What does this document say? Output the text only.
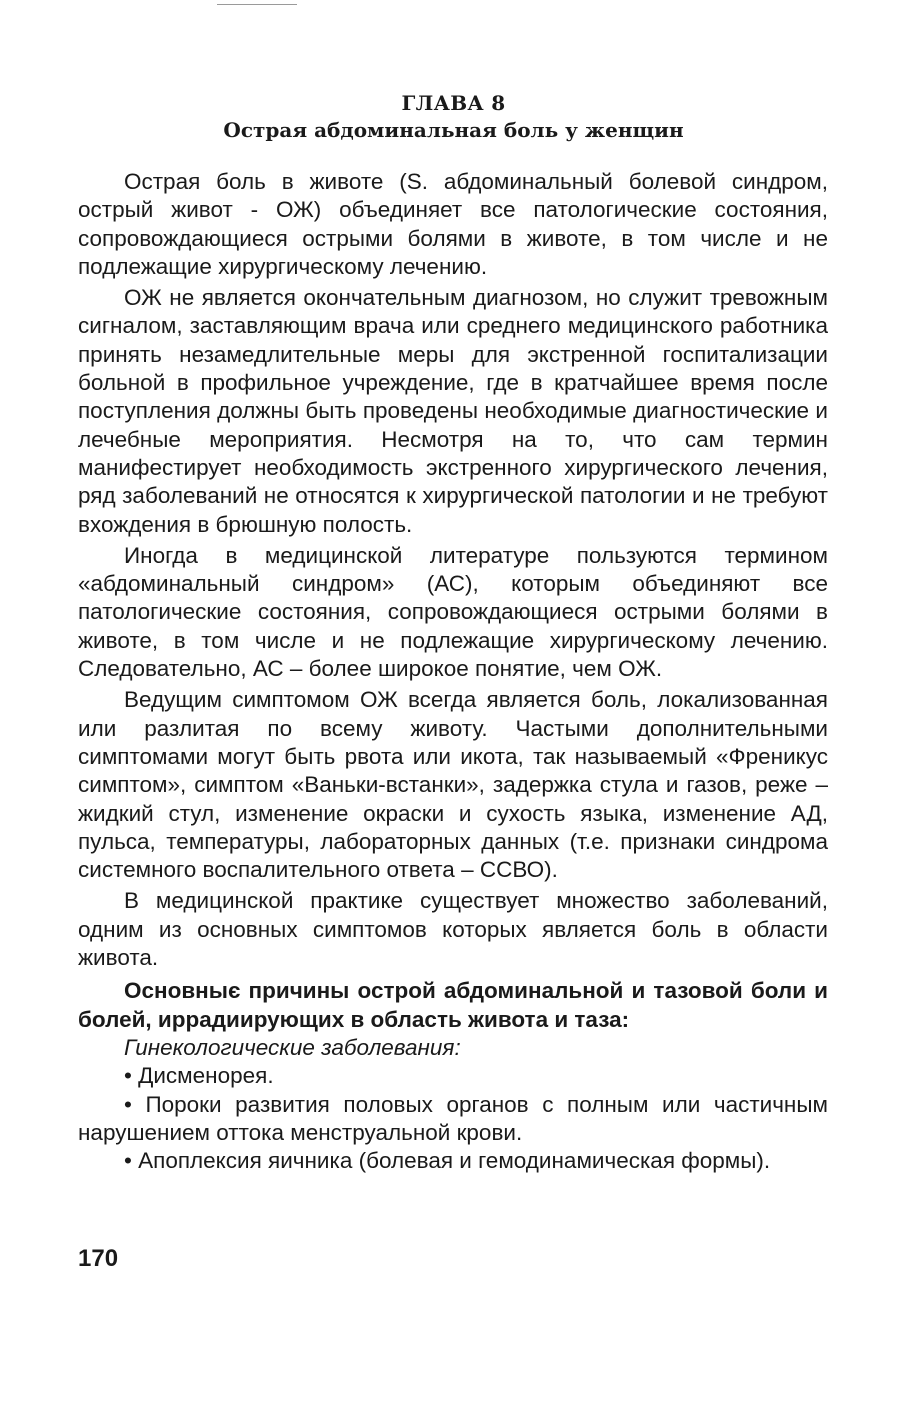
ГЛАВА 8
Острая абдоминальная боль у женщин

Острая боль в животе (S. абдоминальный болевой синдром, острый живот - ОЖ) объединяет все патологические состояния, сопровождающиеся острыми болями в животе, в том числе и не подлежащие хирургическому лечению.

ОЖ не является окончательным диагнозом, но служит тревожным сигналом, заставляющим врача или среднего медицинского работника принять незамедлительные меры для экстренной госпитализации больной в профильное учреждение, где в кратчайшее время после поступления должны быть проведены необходимые диагностические и лечебные мероприятия. Несмотря на то, что сам термин манифестирует необходимость экстренного хирургического лечения, ряд заболеваний не относятся к хирургической патологии и не требуют вхождения в брюшную полость.

Иногда в медицинской литературе пользуются термином «абдоминальный синдром» (АС), которым объединяют все патологические состояния, сопровождающиеся острыми болями в животе, в том числе и не подлежащие хирургическому лечению. Следовательно, АС – более широкое понятие, чем ОЖ.

Ведущим симптомом ОЖ всегда является боль, локализованная или разлитая по всему животу. Частыми дополнительными симптомами могут быть рвота или икота, так называемый «Френикус симптом», симптом «Ваньки-встанки», задержка стула и газов, реже – жидкий стул, изменение окраски и сухость языка, изменение АД, пульса, температуры, лабораторных данных (т.е. признаки синдрома системного воспалительного ответа – ССВО).

В медицинской практике существует множество заболеваний, одним из основных симптомов которых является боль в области живота.

Основныє причины острой абдоминальной и тазовой боли и болей, иррадиирующих в область живота и таза:

Гинекологические заболевания:

• Дисменорея.

• Пороки развития половых органов с полным или частичным нарушением оттока менструальной крови.

• Апоплексия яичника (болевая и гемодинамическая формы).

170
